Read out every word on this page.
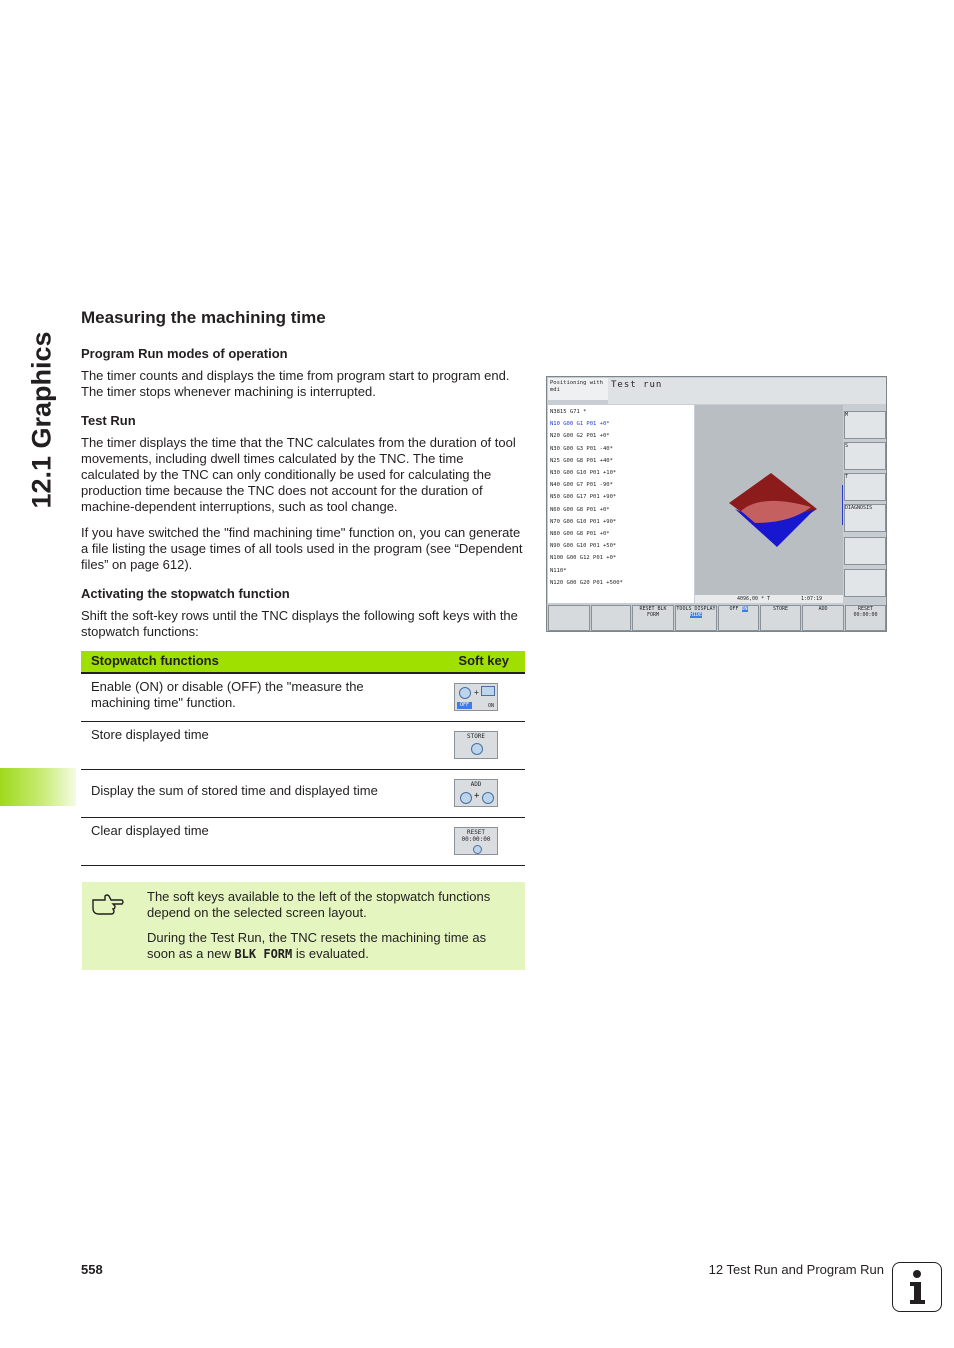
12.1 Graphics
Measuring the machining time
Program Run modes of operation

The timer counts and displays the time from program start to program end. The timer stops whenever machining is interrupted.

Test Run

The timer displays the time that the TNC calculates from the duration of tool movements, including dwell times calculated by the TNC. The time calculated by the TNC can only conditionally be used for calculating the production time because the TNC does not account for the duration of machine-dependent interruptions, such as tool change.

If you have switched the "find machining time" function on, you can generate a file listing the usage times of all tools used in the program (see “Dependent files” on page 612).

Activating the stopwatch function

Shift the soft-key rows until the TNC displays the following soft keys with the stopwatch functions:

Stopwatch functions	Soft key
Enable (ON) or disable (OFF) the "measure the machining time" function.
+
OFF	ON
Store displayed time	STORE
Display the sum of stored time and displayed time	ADD
+
Clear displayed time	RESET 00:00:00

The soft keys available to the left of the stopwatch functions depend on the selected screen layout.

During the Test Run, the TNC resets the machining time as soon as a new BLK FORM is evaluated.

Positioning with mdi	Test run
N3815 G71 *
N10 G00 G1 P01 +0*
N20 G00 G2 P01 +0*
N30 G00 G3 P01 -40*
N25 G00 G8 P01 +40*
N30 G00 G10 P01 +10*
N40 G00 G7 P01 -90*
N50 G00 G17 P01 +90*
N60 G00 G8 P01 +0*
N70 G00 G10 P01 +90*
N80 G00 G8 P01 +0*
N90 G00 G10 P01 +50*
N100 G00 G12 P01 +0*
N110*
N120 G00 G20 P01 +500*
4096,00 * T	1:07:19
M
S
T
DIAGNOSIS
RESET BLK FORM
TOOLS DISPLAY
HIDE
OFF ON	STORE	ADD	RESET 00:00:00
558	12 Test Run and Program Run
